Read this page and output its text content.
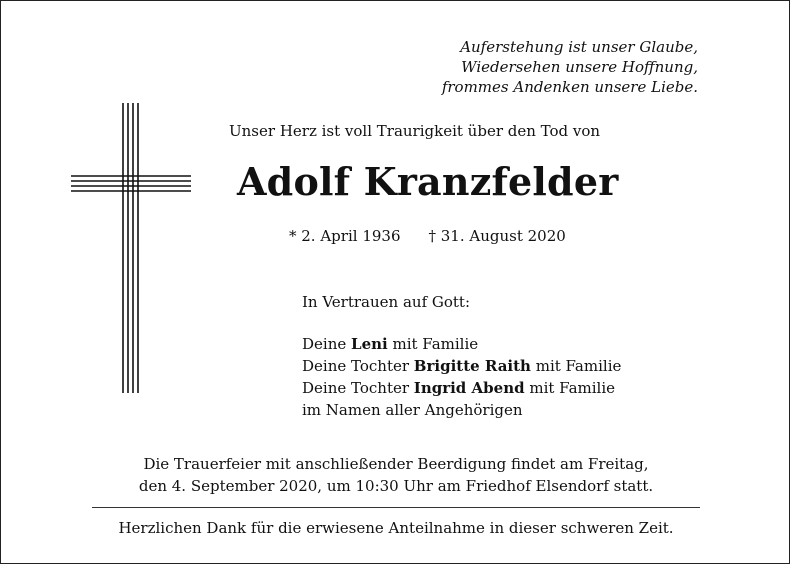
Auferstehung ist unser Glaube,
Wiedersehen unsere Hoffnung,
frommes Andenken unsere Liebe.
Unser Herz ist voll Traurigkeit über den Tod von
Adolf Kranzfelder
* 2. April 1936 † 31. August 2020
In Vertrauen auf Gott:
Deine Leni mit Familie
Deine Tochter Brigitte Raith mit Familie
Deine Tochter Ingrid Abend mit Familie
im Namen aller Angehörigen
Die Trauerfeier mit anschließender Beerdigung findet am Freitag,
den 4. September 2020, um 10:30 Uhr am Friedhof Elsendorf statt.
Herzlichen Dank für die erwiesene Anteilnahme in dieser schweren Zeit.
